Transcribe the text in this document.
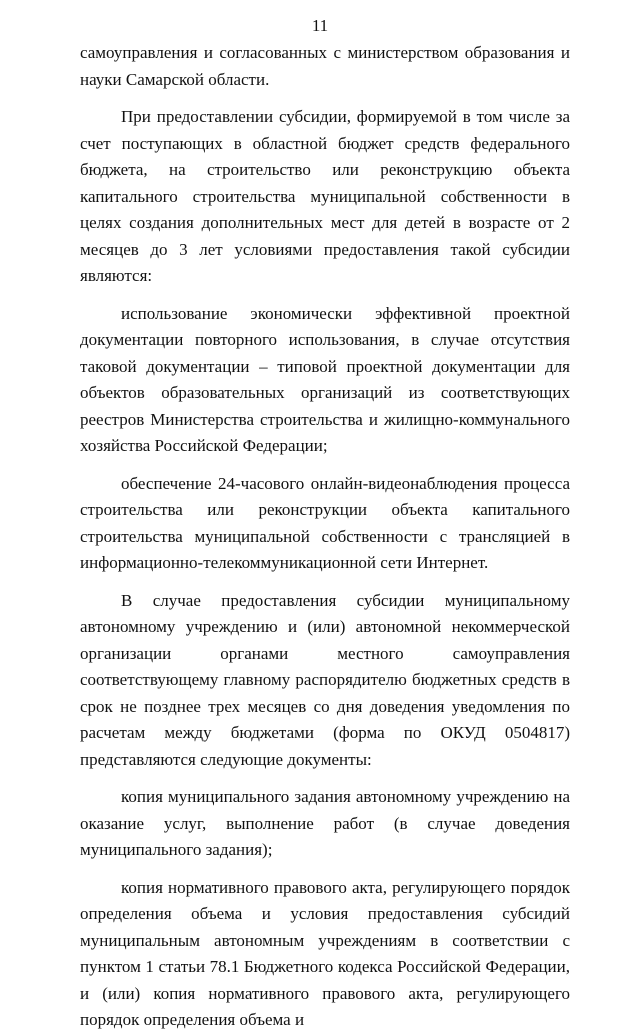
11

самоуправления и согласованных с министерством образования и науки Самарской области.

При предоставлении субсидии, формируемой в том числе за счет поступающих в областной бюджет средств федерального бюджета, на строительство или реконструкцию объекта капитального строительства муниципальной собственности в целях создания дополнительных мест для детей в возрасте от 2 месяцев до 3 лет условиями предоставления такой субсидии являются:

использование экономически эффективной проектной документации повторного использования, в случае отсутствия таковой документации – типовой проектной документации для объектов образовательных организаций из соответствующих реестров Министерства строительства и жилищно-коммунального хозяйства Российской Федерации;

обеспечение 24-часового онлайн-видеонаблюдения процесса строительства или реконструкции объекта капитального строительства муниципальной собственности с трансляцией в информационно-телекоммуникационной сети Интернет.

В случае предоставления субсидии муниципальному автономному учреждению и (или) автономной некоммерческой организации органами местного самоуправления соответствующему главному распорядителю бюджетных средств в срок не позднее трех месяцев со дня доведения уведомления по расчетам между бюджетами (форма по ОКУД 0504817) представляются следующие документы:

копия муниципального задания автономному учреждению на оказание услуг, выполнение работ (в случае доведения муниципального задания);

копия нормативного правового акта, регулирующего порядок определения объема и условия предоставления субсидий муниципальным автономным учреждениям в соответствии с пунктом 1 статьи 78.1 Бюджетного кодекса Российской Федерации, и (или) копия нормативного правового акта, регулирующего порядок определения объема и
